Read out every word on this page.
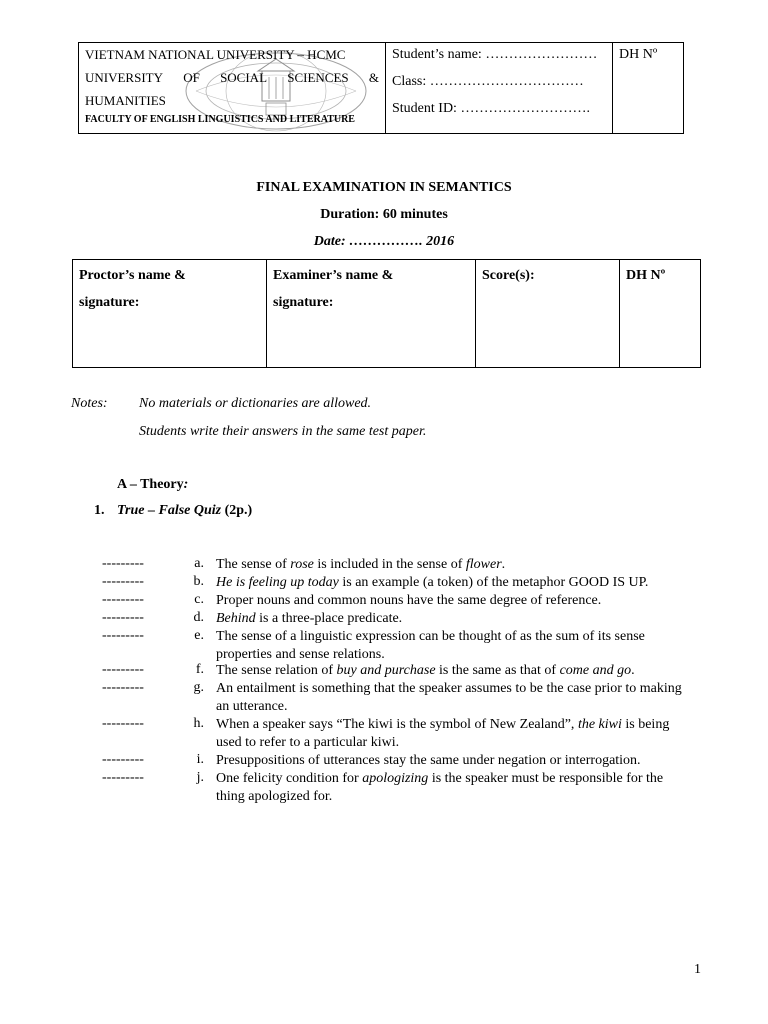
VIETNAM NATIONAL UNIVERSITY – HCMC
UNIVERSITY OF SOCIAL SCIENCES &
HUMANITIES
FACULTY OF ENGLISH LINGUISTICS AND LITERATURE

Student’s name: ……………………
Class: ……………………………
Student ID: ……………………….

DH Nº
FINAL EXAMINATION IN SEMANTICS
Duration: 60 minutes
Date: ……………. 2016
Proctor’s name &
signature:

Examiner’s name &
signature:

Score(s):	DH Nº
Notes: No materials or dictionaries are allowed.
Students write their answers in the same test paper.
A – Theory:
1. True – False Quiz (2p.)
---------	a. The sense of rose is included in the sense of flower.
---------	b. He is feeling up today is an example (a token) of the metaphor GOOD IS UP.
---------	c. Proper nouns and common nouns have the same degree of reference.
---------	d. Behind is a three-place predicate.
---------	e. The sense of a linguistic expression can be thought of as the sum of its sense properties and sense relations.
---------	f. The sense relation of buy and purchase is the same as that of come and go.
---------	g. An entailment is something that the speaker assumes to be the case prior to making an utterance.
---------	h. When a speaker says “The kiwi is the symbol of New Zealand”, the kiwi is being used to refer to a particular kiwi.
---------	i. Presuppositions of utterances stay the same under negation or interrogation.
---------	j. One felicity condition for apologizing is the speaker must be responsible for the thing apologized for.
1
